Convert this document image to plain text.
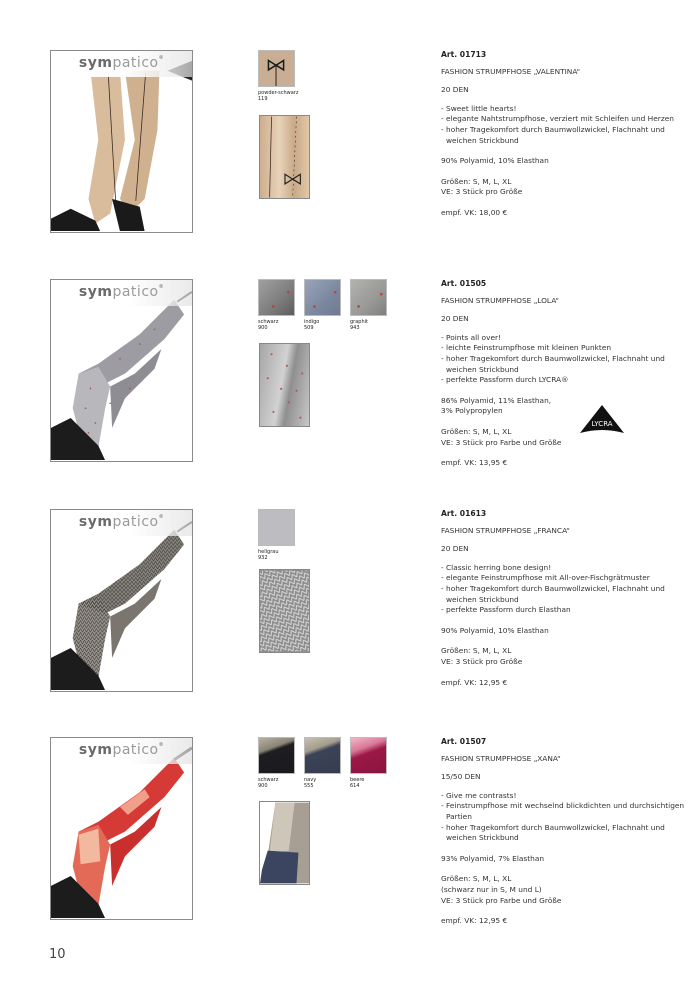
sympatico®
powder-schwarz
119
Art. 01713
FASHION STRUMPFHOSE „VALENTINA“
20 DEN
- Sweet little hearts!
- elegante Nahtstrumpfhose, verziert mit Schleifen und Herzen
- hoher Tragekomfort durch Baumwollzwickel, Flachnaht und weichen Strickbund
90% Polyamid, 10% Elasthan
Größen: S, M, L, XL
VE: 3 Stück pro Größe
empf. VK: 18,00 €
sympatico®
schwarz
900
indigo
509
graphit
943
Art. 01505
FASHION STRUMPFHOSE „LOLA“
20 DEN
- Points all over!
- leichte Feinstrumpfhose mit kleinen Punkten
- hoher Tragekomfort durch Baumwollzwickel, Flachnaht und weichen Strickbund
- perfekte Passform durch LYCRA®
86% Polyamid, 11% Elasthan,
3% Polypropylen
Größen: S, M, L, XL
VE: 3 Stück pro Farbe und Größe
empf. VK: 13,95 €
LYCRA
sympatico®
hellgrau
932
Art. 01613
FASHION STRUMPFHOSE „FRANCA“
20 DEN
- Classic herring bone design!
- elegante Feinstrumpfhose mit All-over-Fischgrätmuster
- hoher Tragekomfort durch Baumwollzwickel, Flachnaht und weichen Strickbund
- perfekte Passform durch Elasthan
90% Polyamid, 10% Elasthan
Größen: S, M, L, XL
VE: 3 Stück pro Größe
empf. VK: 12,95 €
sympatico®
schwarz
900
navy
555
beere
614
Art. 01507
FASHION STRUMPFHOSE „XANA“
15/50 DEN
- Give me contrasts!
- Feinstrumpfhose mit wechselnd blickdichten und durchsichtigen Partien
- hoher Tragekomfort durch Baumwollzwickel, Flachnaht und weichen Strickbund
93% Polyamid, 7% Elasthan
Größen: S, M, L, XL
(schwarz nur in S, M und L)
VE: 3 Stück pro Farbe und Größe
empf. VK: 12,95 €
10
